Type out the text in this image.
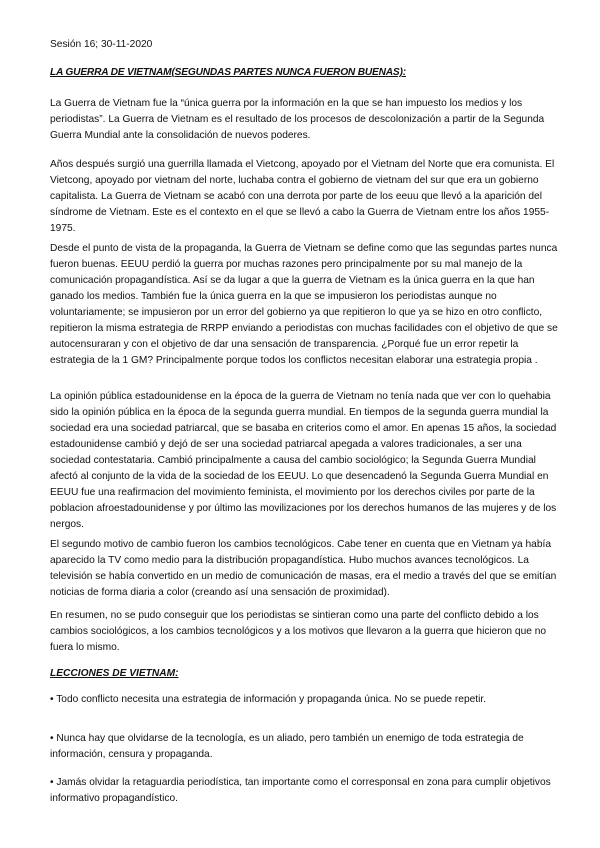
Sesión 16; 30-11-2020

LA GUERRA DE VIETNAM(SEGUNDAS PARTES NUNCA FUERON BUENAS):

La Guerra de Vietnam fue la “única guerra por la información en la que se han impuesto los medios y los periodistas”. La Guerra de Vietnam es el resultado de los procesos de descolonización a partir de la Segunda Guerra Mundial ante la consolidación de nuevos poderes.

Años después surgió una guerrilla llamada el Vietcong, apoyado por el Vietnam del Norte que era comunista. El Vietcong, apoyado por vietnam del norte, luchaba contra el gobierno de vietnam del sur que era un gobierno capitalista. La Guerra de Vietnam se acabó con una derrota por parte de los eeuu que llevó a la aparición del síndrome de Vietnam. Este es el contexto en el que se llevó a cabo la Guerra de Vietnam entre los años 1955-1975.

Desde el punto de vista de la propaganda, la Guerra de Vietnam se define como que las segundas partes nunca fueron buenas. EEUU perdió la guerra por muchas razones pero principalmente por su mal manejo de la comunicación propagandística. Así se da lugar a que la guerra de Vietnam es la única guerra en la que han ganado los medios. También fue la única guerra en la que se impusieron los periodistas aunque no voluntariamente; se impusieron por un error del gobierno ya que repitieron lo que ya se hizo en otro conflicto, repitieron la misma estrategia de RRPP enviando a periodistas con muchas facilidades con el objetivo de que se autocensuraran y con el objetivo de dar una sensación de transparencia. ¿Porqué fue un error repetir la estrategia de la 1 GM? Principalmente porque todos los conflictos necesitan elaborar una estrategia propia .

La opinión pública estadounidense en la época de la guerra de Vietnam no tenía nada que ver con lo quehabia sido la opinión pública en la época de la segunda guerra mundial. En tiempos de la segunda guerra mundial la sociedad era una sociedad patriarcal, que se basaba en criterios como el amor. En apenas 15 años, la sociedad estadounidense cambió y dejó de ser una sociedad patriarcal apegada a valores tradicionales, a ser una sociedad contestataria. Cambió principalmente a causa del cambio sociológico; la Segunda Guerra Mundial afectó al conjunto de la vida de la sociedad de los EEUU. Lo que desencadenó la Segunda Guerra Mundial en EEUU fue una reafirmacion del movimiento feminista, el movimiento por los derechos civiles por parte de la poblacion afroestadounidense y por último las movilizaciones por los derechos humanos de las mujeres y de los nergos.

El segundo motivo de cambio fueron los cambios tecnológicos. Cabe tener en cuenta que en Vietnam ya había aparecido la TV como medio para la distribución propagandística. Hubo muchos avances tecnológicos. La televisión se había convertido en un medio de comunicación de masas, era el medio a través del que se emitían noticias de forma diaria a color (creando así una sensación de proximidad).

En resumen, no se pudo conseguir que los periodistas se sintieran como una parte del conflicto debido a los cambios sociológicos, a los cambios tecnológicos y a los motivos que llevaron a la guerra que hicieron que no fuera lo mismo.

LECCIONES DE VIETNAM:

• Todo conflicto necesita una estrategia de información y propaganda única. No se puede repetir.

• Nunca hay que olvidarse de la tecnología, es un aliado, pero también un enemigo de toda estrategia de información, censura y propaganda.

• Jamás olvidar la retaguardia periodística, tan importante como el corresponsal en zona para cumplir objetivos informativo propagandístico.
